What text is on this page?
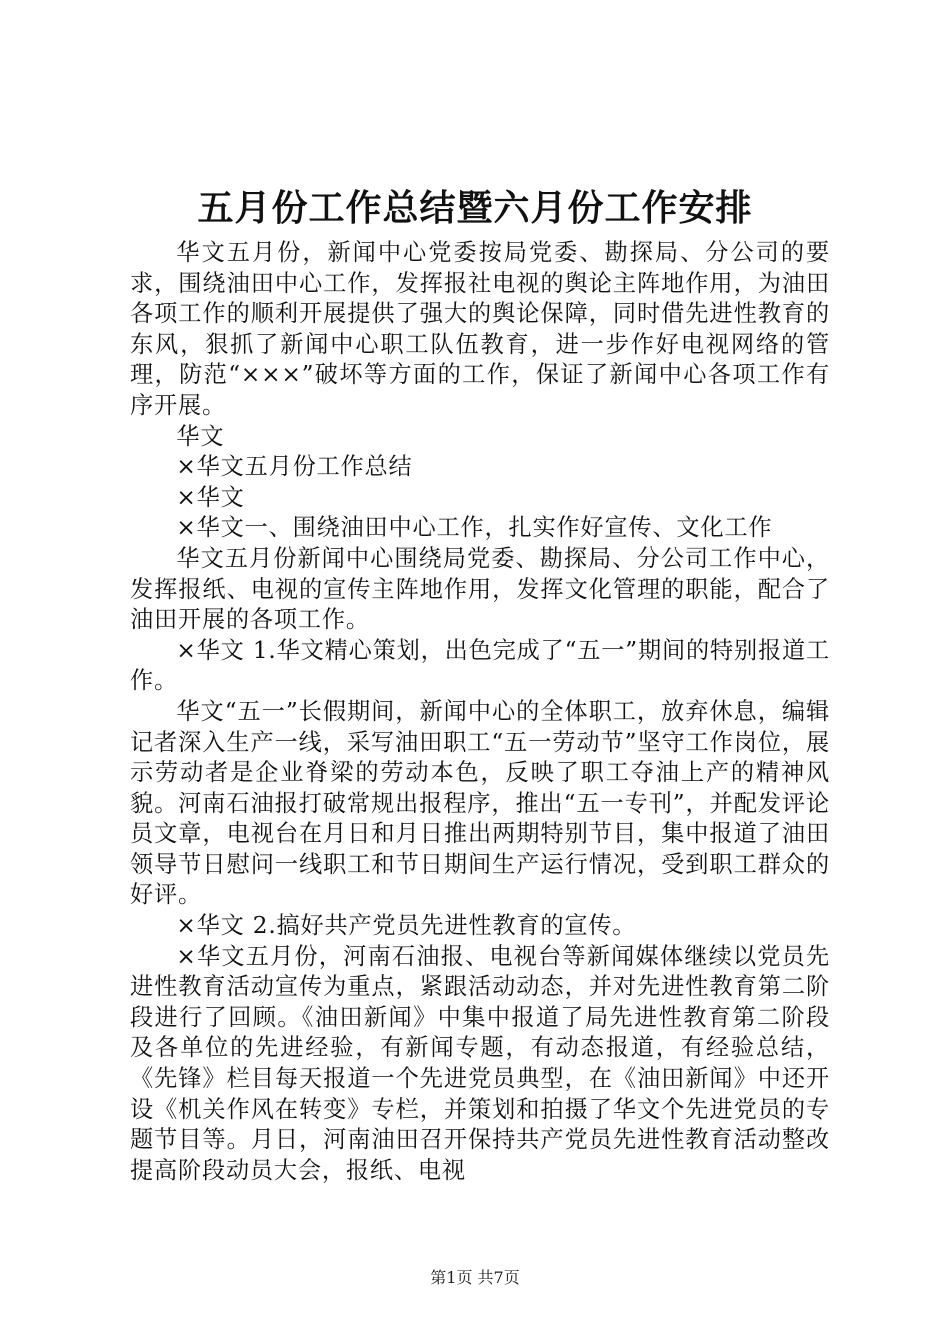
五月份工作总结暨六月份工作安排

华文五月份，新闻中心党委按局党委、勘探局、分公司的要求，围绕油田中心工作，发挥报社电视的舆论主阵地作用，为油田各项工作的顺利开展提供了强大的舆论保障，同时借先进性教育的东风，狠抓了新闻中心职工队伍教育，进一步作好电视网络的管理，防范“×××”破坏等方面的工作，保证了新闻中心各项工作有序开展。

华文

×华文五月份工作总结

×华文

×华文一、围绕油田中心工作，扎实作好宣传、文化工作

华文五月份新闻中心围绕局党委、勘探局、分公司工作中心，发挥报纸、电视的宣传主阵地作用，发挥文化管理的职能，配合了油田开展的各项工作。

×华文 1.华文精心策划，出色完成了“五一”期间的特别报道工作。

华文“五一”长假期间，新闻中心的全体职工，放弃休息，编辑记者深入生产一线，采写油田职工“五一劳动节”坚守工作岗位，展示劳动者是企业脊梁的劳动本色，反映了职工夺油上产的精神风貌。河南石油报打破常规出报程序，推出“五一专刊”，并配发评论员文章，电视台在月日和月日推出两期特别节目，集中报道了油田领导节日慰问一线职工和节日期间生产运行情况，受到职工群众的好评。

×华文 2.搞好共产党员先进性教育的宣传。

×华文五月份，河南石油报、电视台等新闻媒体继续以党员先进性教育活动宣传为重点，紧跟活动动态，并对先进性教育第二阶段进行了回顾。《油田新闻》中集中报道了局先进性教育第二阶段及各单位的先进经验，有新闻专题，有动态报道，有经验总结，《先锋》栏目每天报道一个先进党员典型，在《油田新闻》中还开设《机关作风在转变》专栏，并策划和拍摄了华文个先进党员的专题节目等。月日，河南油田召开保持共产党员先进性教育活动整改提高阶段动员大会，报纸、电视

第1页 共7页
